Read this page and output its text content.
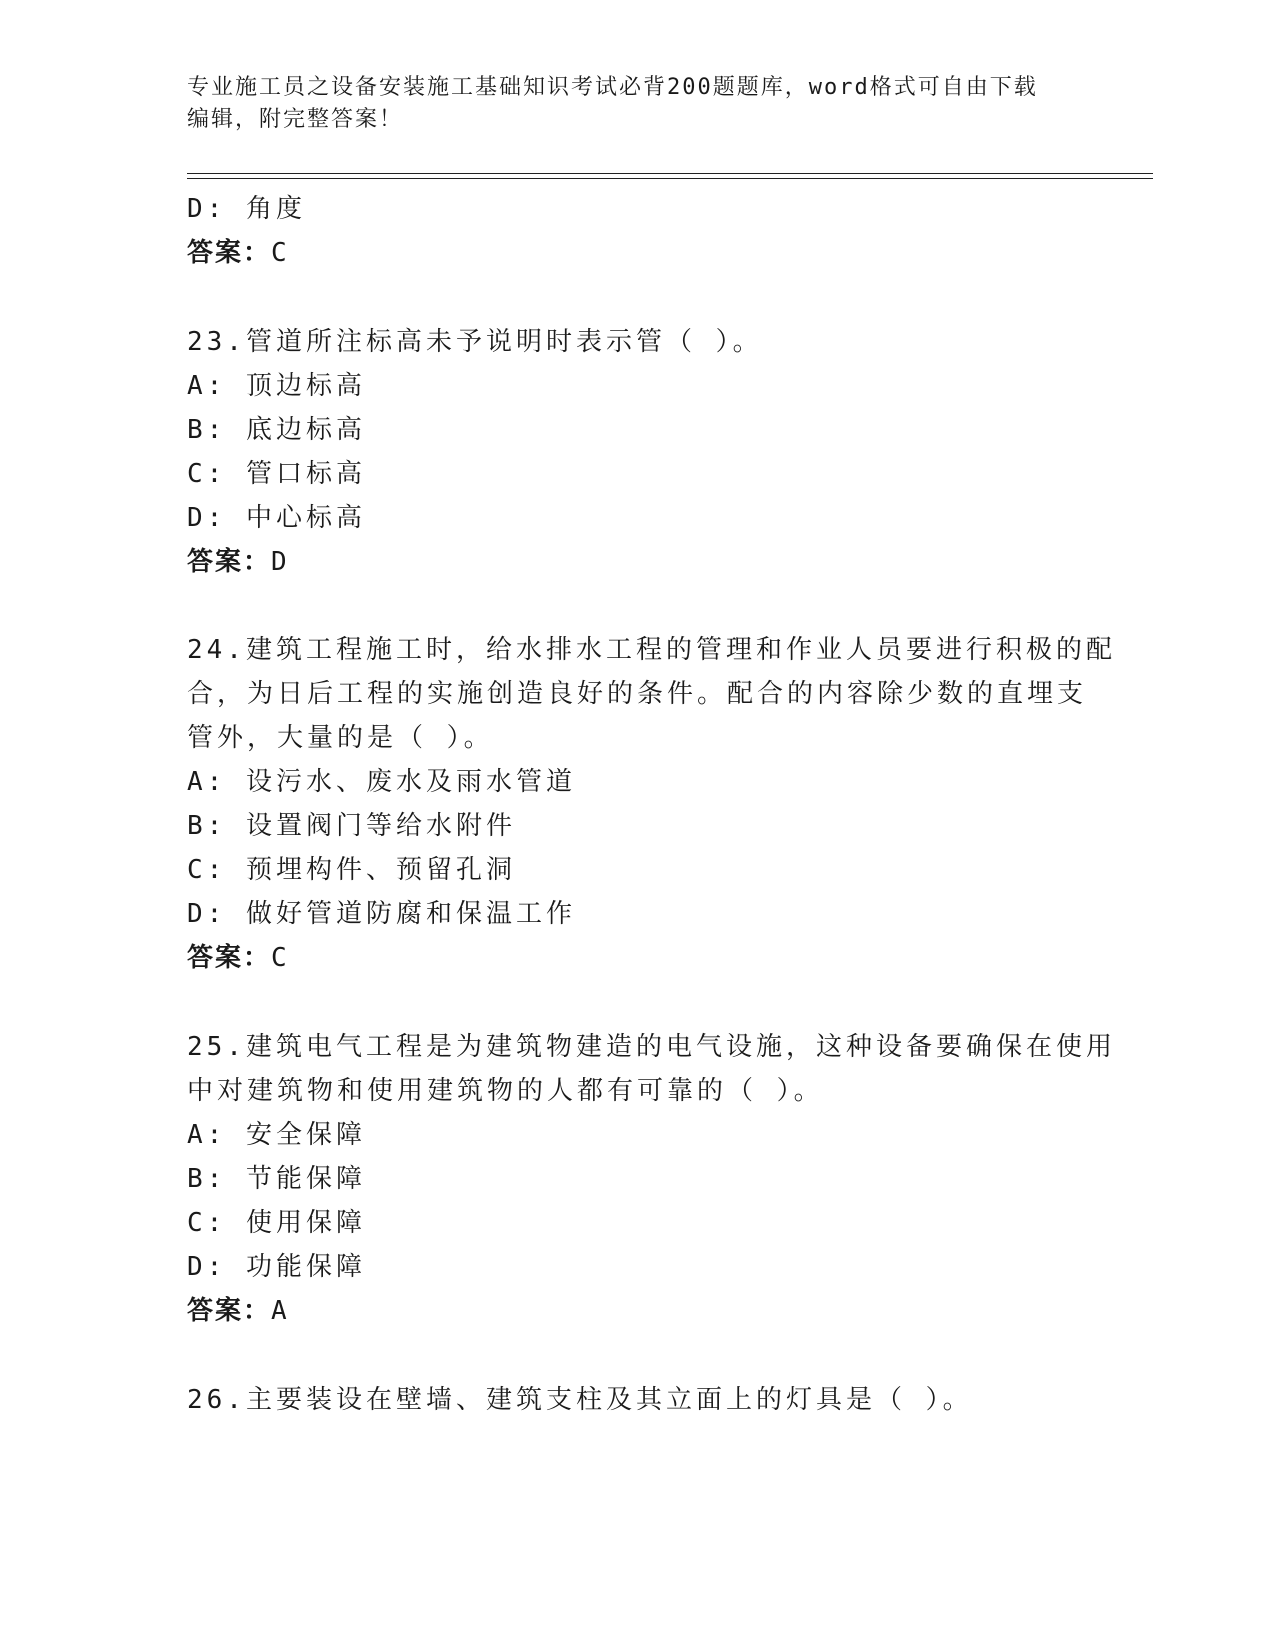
专业施工员之设备安装施工基础知识考试必背200题题库，word格式可自由下载
编辑，附完整答案！
D: 角度
答案：C
23.管道所注标高未予说明时表示管（ ）。
A: 顶边标高
B: 底边标高
C: 管口标高
D: 中心标高
答案：D
24.建筑工程施工时，给水排水工程的管理和作业人员要进行积极的配
合，为日后工程的实施创造良好的条件。配合的内容除少数的直埋支
管外，大量的是（ ）。
A: 设污水、废水及雨水管道
B: 设置阀门等给水附件
C: 预埋构件、预留孔洞
D: 做好管道防腐和保温工作
答案：C
25.建筑电气工程是为建筑物建造的电气设施，这种设备要确保在使用
中对建筑物和使用建筑物的人都有可靠的（ ）。
A: 安全保障
B: 节能保障
C: 使用保障
D: 功能保障
答案：A
26.主要装设在壁墙、建筑支柱及其立面上的灯具是（ ）。
